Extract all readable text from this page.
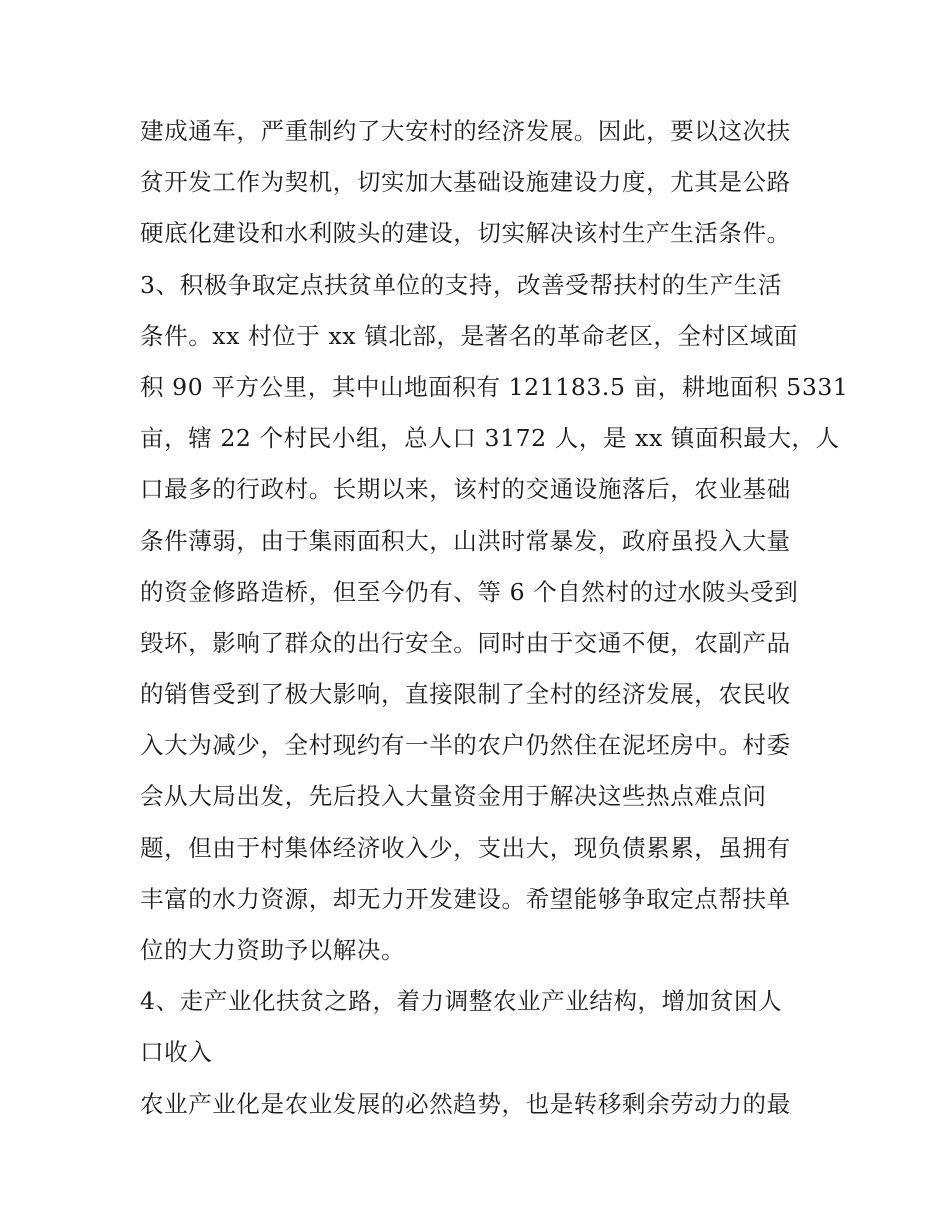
建成通车，严重制约了大安村的经济发展。因此，要以这次扶
贫开发工作为契机，切实加大基础设施建设力度，尤其是公路
硬底化建设和水利陂头的建设，切实解决该村生产生活条件。
3、积极争取定点扶贫单位的支持，改善受帮扶村的生产生活
条件。xx 村位于 xx 镇北部，是著名的革命老区，全村区域面
积 90 平方公里，其中山地面积有 121183.5 亩，耕地面积 5331
亩，辖 22 个村民小组，总人口 3172 人，是 xx 镇面积最大，人
口最多的行政村。长期以来，该村的交通设施落后，农业基础
条件薄弱，由于集雨面积大，山洪时常暴发，政府虽投入大量
的资金修路造桥，但至今仍有、等 6 个自然村的过水陂头受到
毁坏，影响了群众的出行安全。同时由于交通不便，农副产品
的销售受到了极大影响，直接限制了全村的经济发展，农民收
入大为减少，全村现约有一半的农户仍然住在泥坯房中。村委
会从大局出发，先后投入大量资金用于解决这些热点难点问
题，但由于村集体经济收入少，支出大，现负债累累，虽拥有
丰富的水力资源，却无力开发建设。希望能够争取定点帮扶单
位的大力资助予以解决。
4、走产业化扶贫之路，着力调整农业产业结构，增加贫困人
口收入
农业产业化是农业发展的必然趋势，也是转移剩余劳动力的最
